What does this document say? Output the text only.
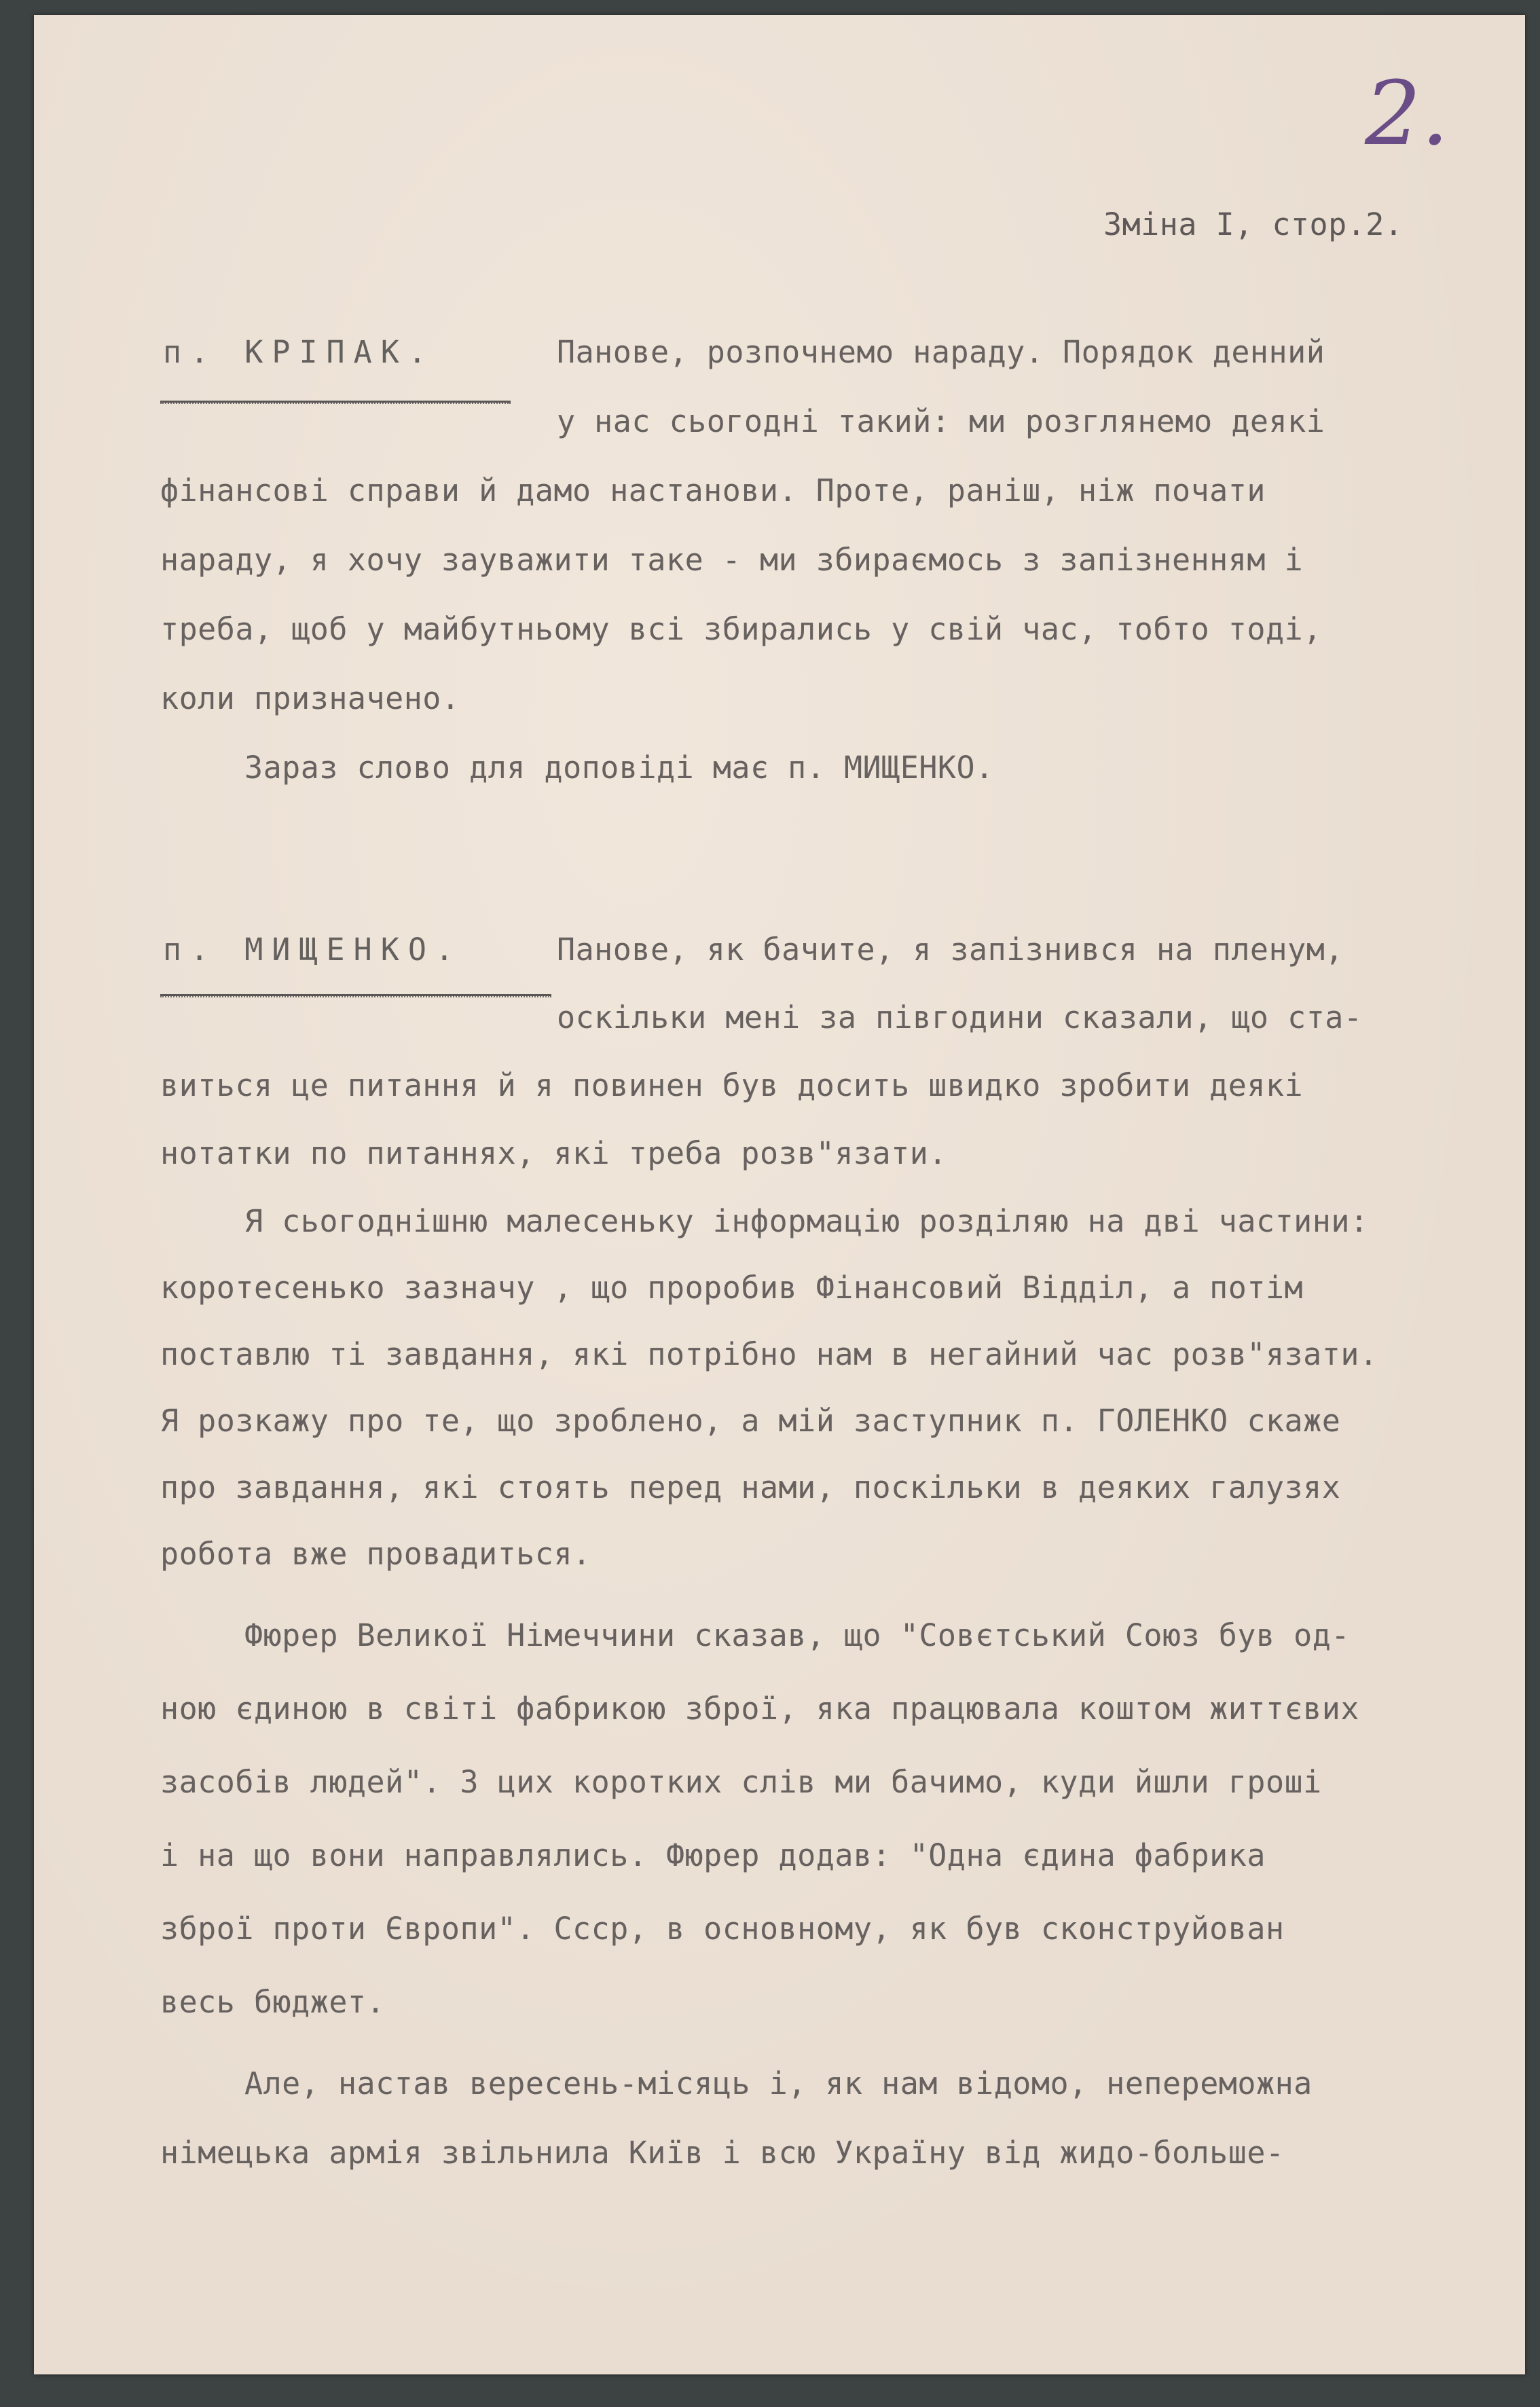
2.

Зміна І, стор.2.

п. КРІПАК.	Панове, розпочнемо нараду. Порядок денний

у нас сьогодні такий: ми розглянемо деякі

фінансові справи й дамо настанови. Проте, раніш, ніж почати

нараду, я хочу зауважити таке - ми збираємось з запізненням і

треба, щоб у майбутньому всі збирались у свій час, тобто тоді,

коли призначено.

Зараз слово для доповіді має п. МИЩЕНКО.

п. МИЩЕНКО.	Панове, як бачите, я запізнився на пленум,

оскільки мені за півгодини сказали, що ста-

виться це питання й я повинен був досить швидко зробити деякі

нотатки по питаннях, які треба розв"язати.

Я сьогоднішню малесеньку інформацію розділяю на дві частини:

коротесенько зазначу , що проробив Фінансовий Відділ, а потім

поставлю ті завдання, які потрібно нам в негайний час розв"язати.

Я розкажу про те, що зроблено, а мій заступник п. ГОЛЕНКО скаже

про завдання, які стоять перед нами, поскільки в деяких галузях

робота вже провадиться.

Фюрер Великої Німеччини сказав, що "Совєтський Союз був од-

ною єдиною в світі фабрикою зброї, яка працювала коштом життєвих

засобів людей". З цих коротких слів ми бачимо, куди йшли гроші

і на що вони направлялись. Фюрер додав: "Одна єдина фабрика

зброї проти Європи". Ссср, в основному, як був сконструйован

весь бюджет.

Але, настав вересень-місяць і, як нам відомо, непереможна

німецька армія звільнила Київ і всю Україну від жидо-больше-
